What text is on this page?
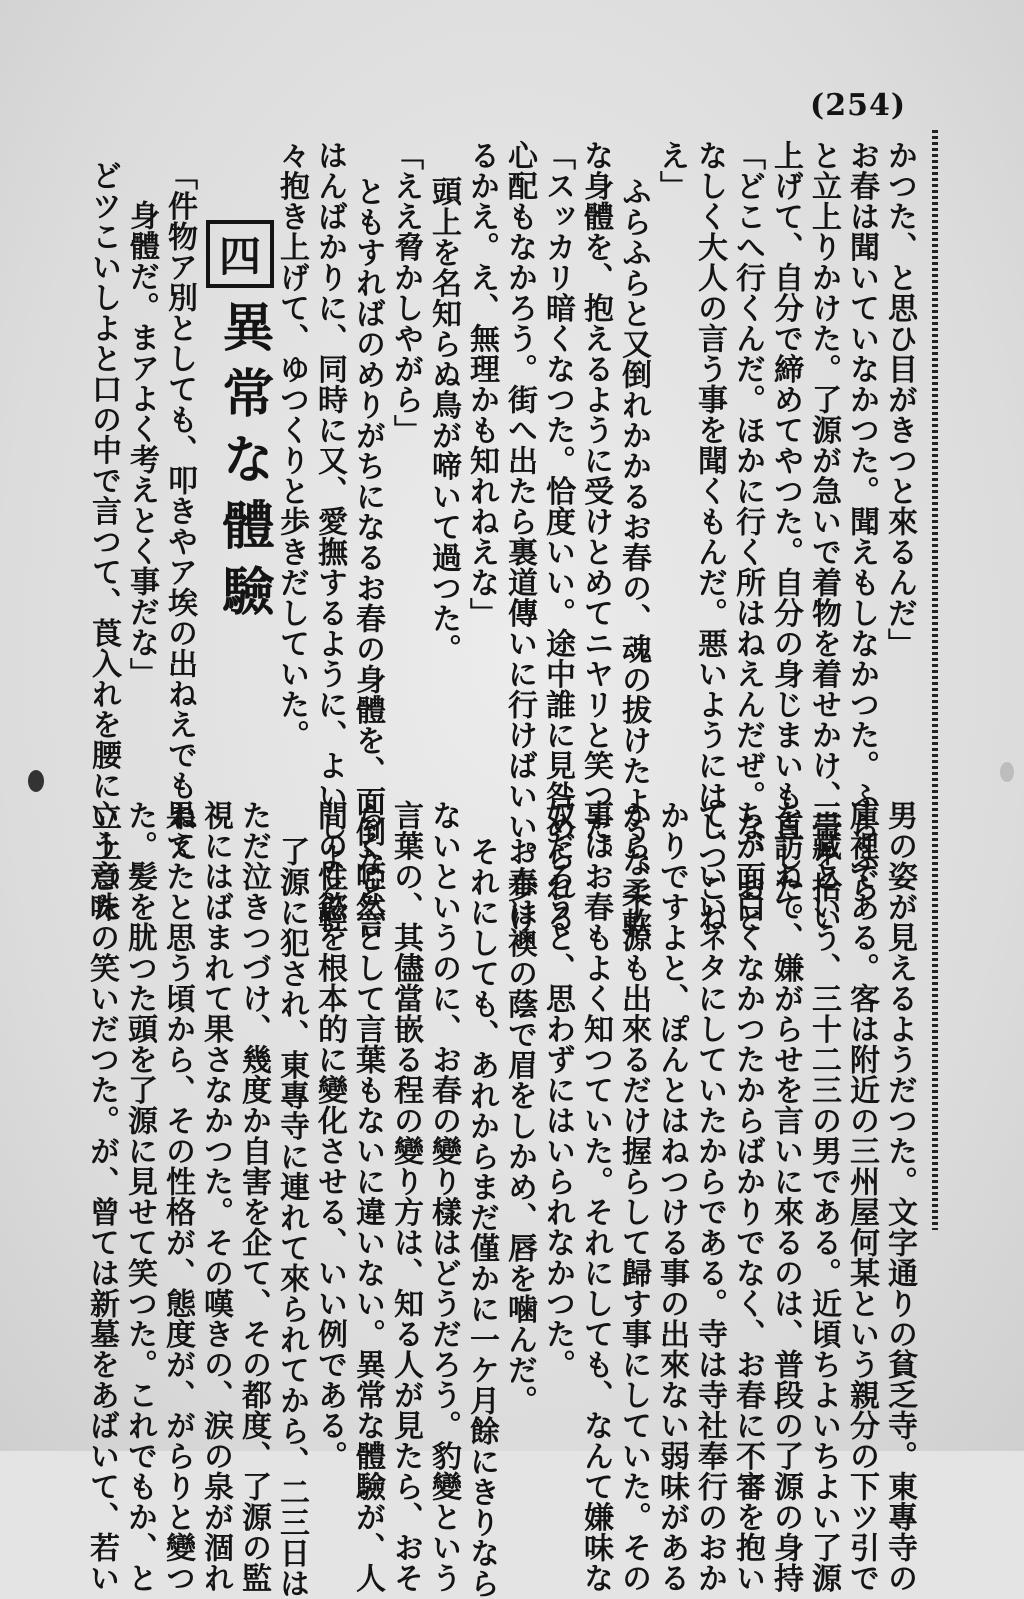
(254)
かつた、と思ひ目がきつと來るんだ」
お春は聞いていなかつた。聞えもしなかつた。ふらふら
と立上りかけた。了源が急いで着物を着せかけ、帯を拾い
上げて、自分で締めてやつた。自分の身じまいも直した。
「どこへ行くんだ。ほかに行く所はねえんだぜ。な、おと
なしく大人の言う事を聞くもんだ。悪いようにはしつこね
え」
ふらふらと又倒れかかるお春の、魂の拔けたような柔軟
な身體を、抱えるように受けとめてニヤリと笑つた。
「スッカリ暗くなつた。恰度いい。途中誰に見咎められる
心配もなかろう。街へ出たら裏道傳いに行けばいい。歩け
るかえ。え、無理かも知れねえな」
頭上を名知らぬ鳥が啼いて過つた。
「ええ脅かしやがら」
ともすればのめりがちになるお春の身體を、面倒なと言
はんばかりに、同時に又、愛撫するように、よいしよと輕
々抱き上げて、ゆつくりと歩きだしていた。
四
異常な體驗
「件物ア別としても、叩きやア埃の出ねえでもねえ
身體だ。まアよく考えとく事だな」
どツこいしよと口の中で言つて、莨入れを腰に立上つた
男の姿が見えるようだつた。文字通りの貧乏寺。東專寺の
庫裡である。客は附近の三州屋何某という親分の下ツ引で
三藏という、三十二三の男である。近頃ちよいちよい了源
を訪ねて、嫌がらせを言いに來るのは、普段の了源の身持
ちが面白くなかつたからばかりでなく、お春に不審を抱い
て、いいネタにしていたからである。寺は寺社奉行のおか
かりですよと、ぽんとはねつける事の出來ない弱味がある
から、了源も出來るだけ握らして歸す事にしていた。その
事はお春もよく知つていた。それにしても、なんて嫌味な
奴だろうと、思わずにはいられなかつた。
お春は襖の蔭で眉をしかめ、唇を噛んだ。
それにしても、あれからまだ僅かに一ケ月餘にきりなら
ないというのに、お春の變り樣はどうだろう。豹變という
言葉の、其儘當嵌る程の變り方は、知る人が見たら、おそ
らく啞然として言葉もないに違いない。異常な體驗が、人
間の性慾を根本的に變化させる、いい例である。
了源に犯され、東專寺に連れて來られてから、二三日は
ただ泣きつづけ、幾度か自害を企て、その都度、了源の監
視にはばまれて果さなかつた。その嘆きの、涙の泉が涸れ
果てたと思う頃から、その性格が、態度が、がらりと變つ
た。髪を肬つた頭を了源に見せて笑つた。これでもか、と
いう意味の笑いだつた。が、曾ては新墓をあばいて、若い
